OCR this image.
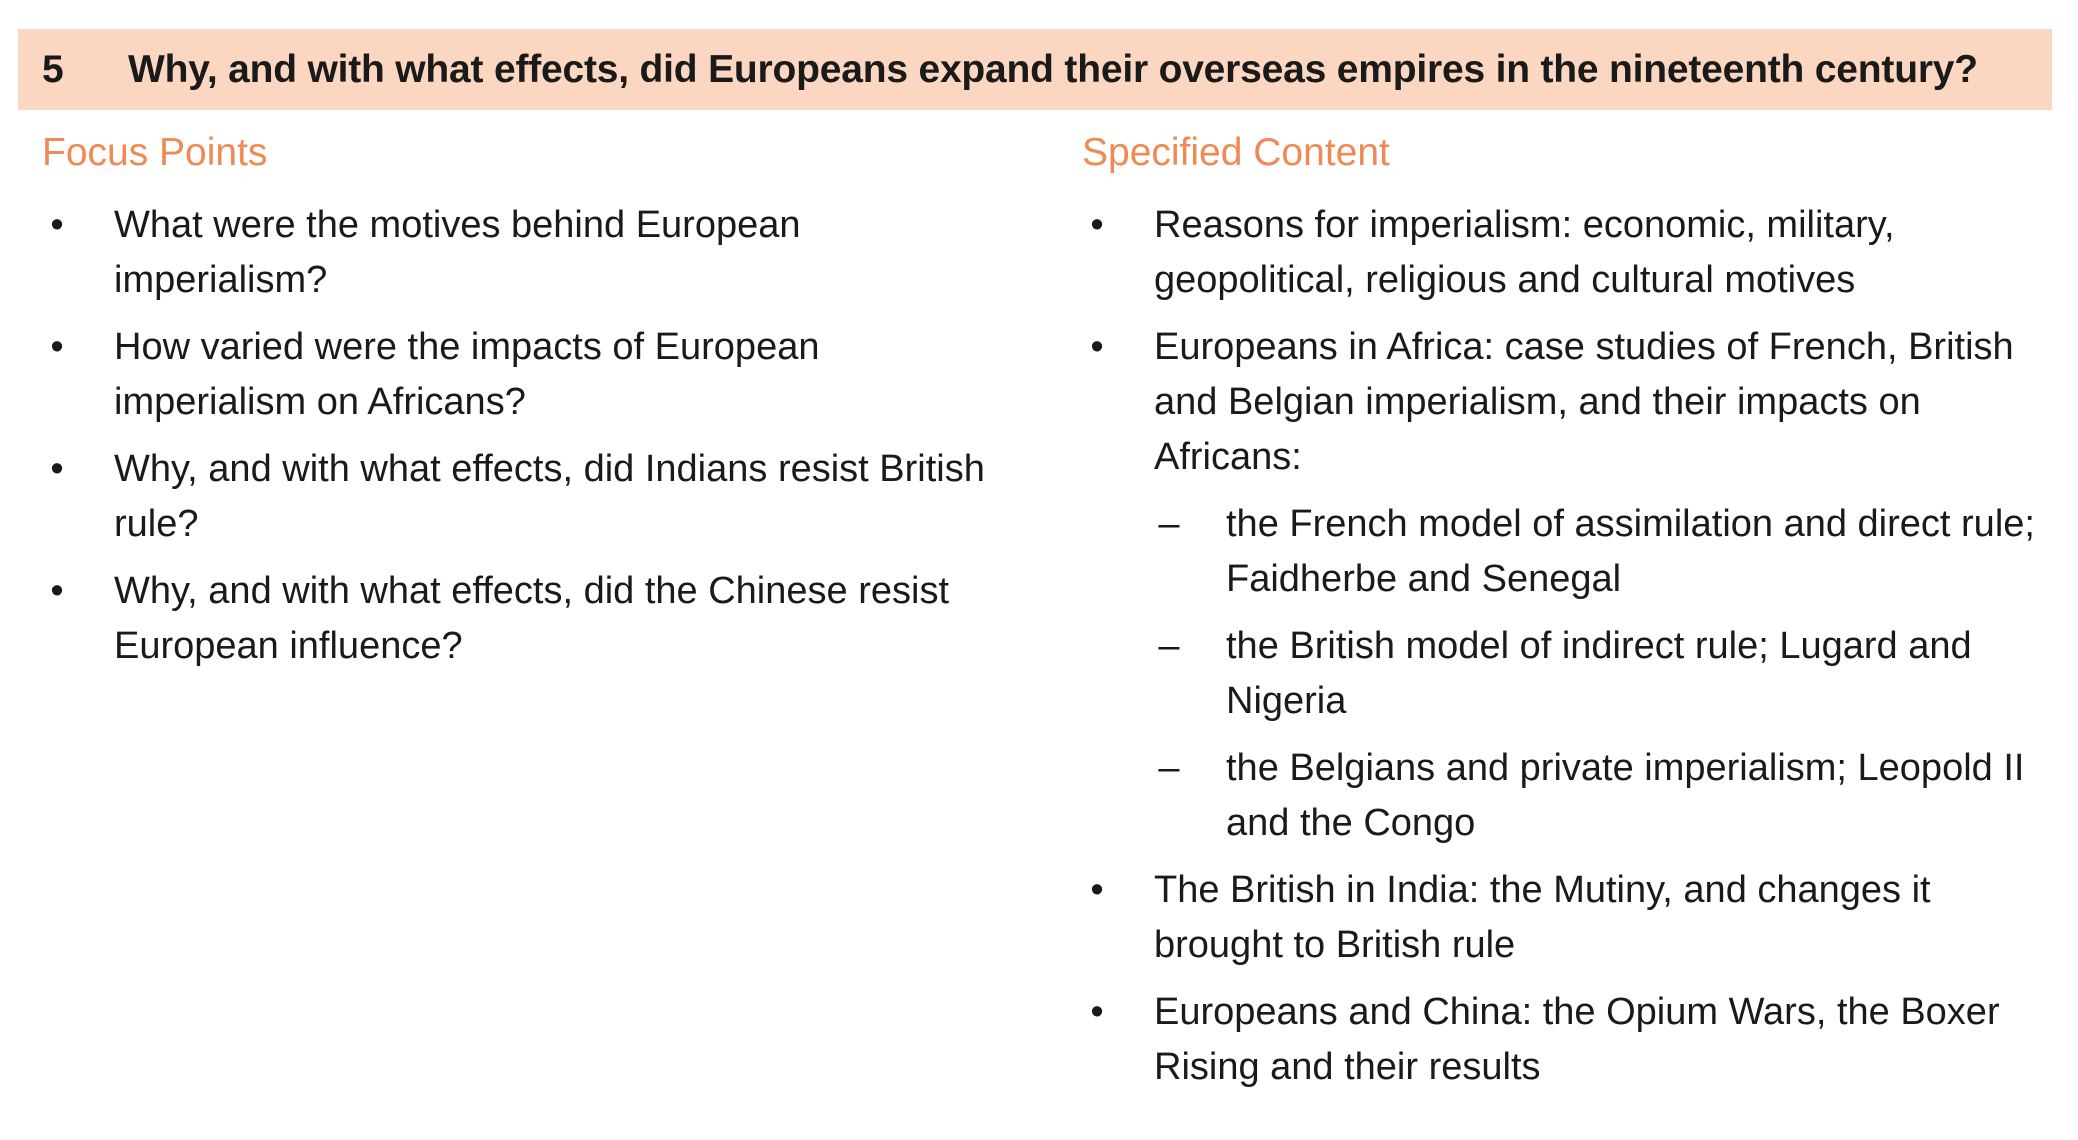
5 Why, and with what effects, did Europeans expand their overseas empires in the nineteenth century?
Focus Points
• What were the motives behind European imperialism?
• How varied were the impacts of European imperialism on Africans?
• Why, and with what effects, did Indians resist British rule?
• Why, and with what effects, did the Chinese resist European influence?
Specified Content
• Reasons for imperialism: economic, military, geopolitical, religious and cultural motives
• Europeans in Africa: case studies of French, British and Belgian imperialism, and their impacts on Africans:
– the French model of assimilation and direct rule; Faidherbe and Senegal
– the British model of indirect rule; Lugard and Nigeria
– the Belgians and private imperialism; Leopold II and the Congo
• The British in India: the Mutiny, and changes it brought to British rule
• Europeans and China: the Opium Wars, the Boxer Rising and their results
